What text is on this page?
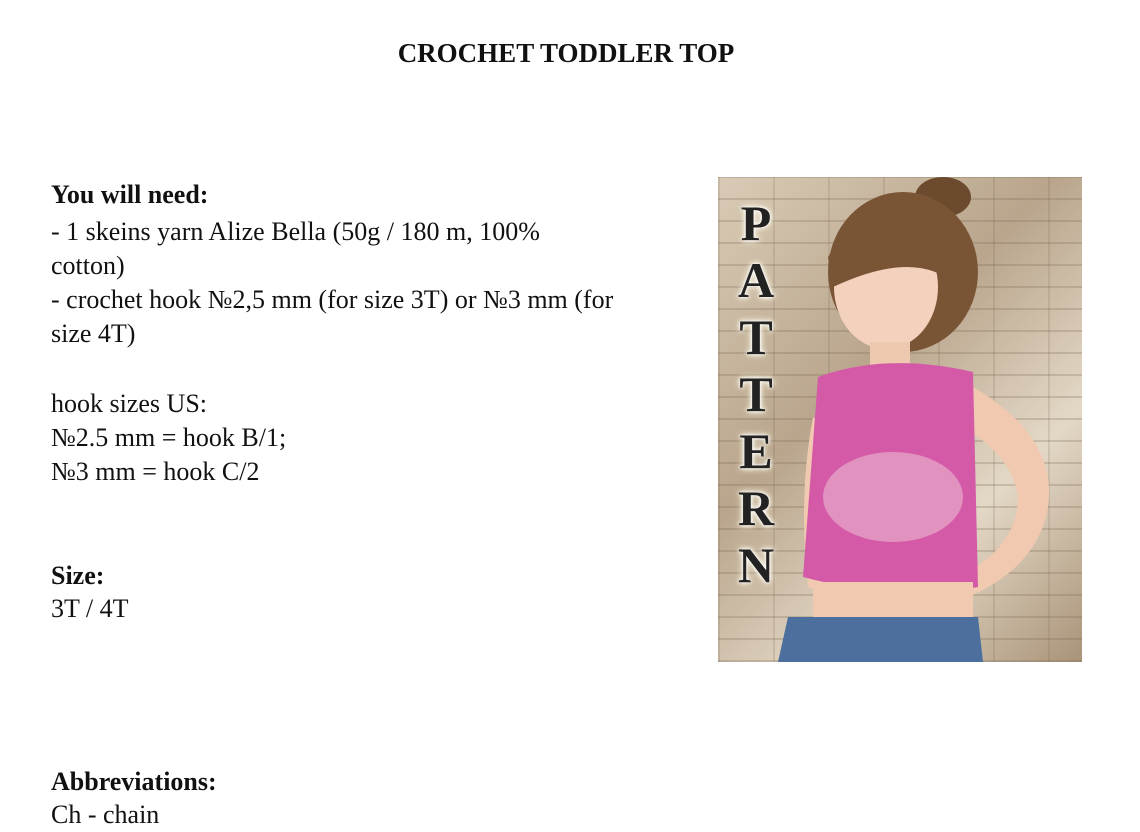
CROCHET TODDLER TOP
You will need:
- 1 skeins yarn Alize Bella (50g / 180 m, 100%
cotton)
- crochet hook №2,5 mm (for size 3T) or №3 mm (for
size 4T)
hook sizes US:
№2.5 mm = hook B/1;
№3 mm = hook C/2
Size:
3T / 4T
Abbreviations:
Ch - chain
P
A
T
T
E
R
N
